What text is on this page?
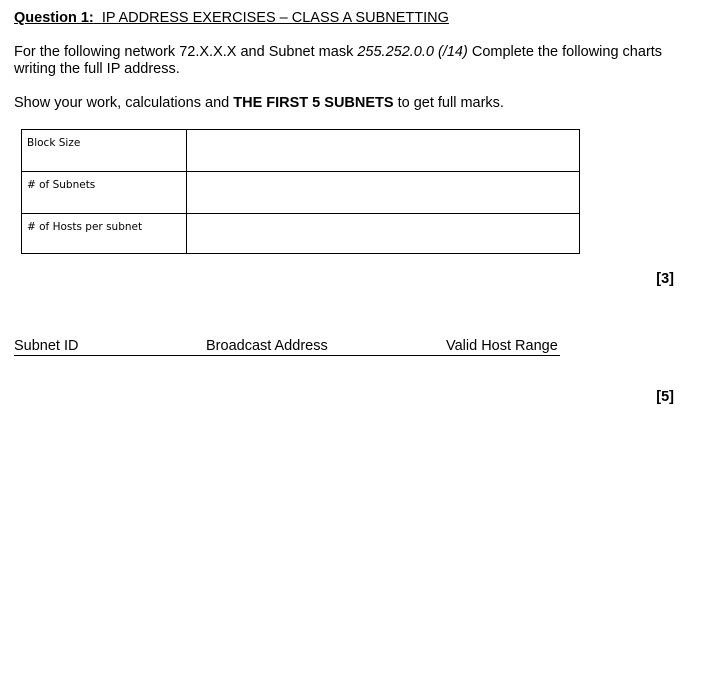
Question 1: IP ADDRESS EXERCISES – CLASS A SUBNETTING
For the following network 72.X.X.X and Subnet mask 255.252.0.0 (/14) Complete the following charts
writing the full IP address.
Show your work, calculations and THE FIRST 5 SUBNETS to get full marks.
Block Size	
# of Subnets	
# of Hosts per subnet	
[3]
Subnet ID	Broadcast Address	Valid Host Range
[5]
